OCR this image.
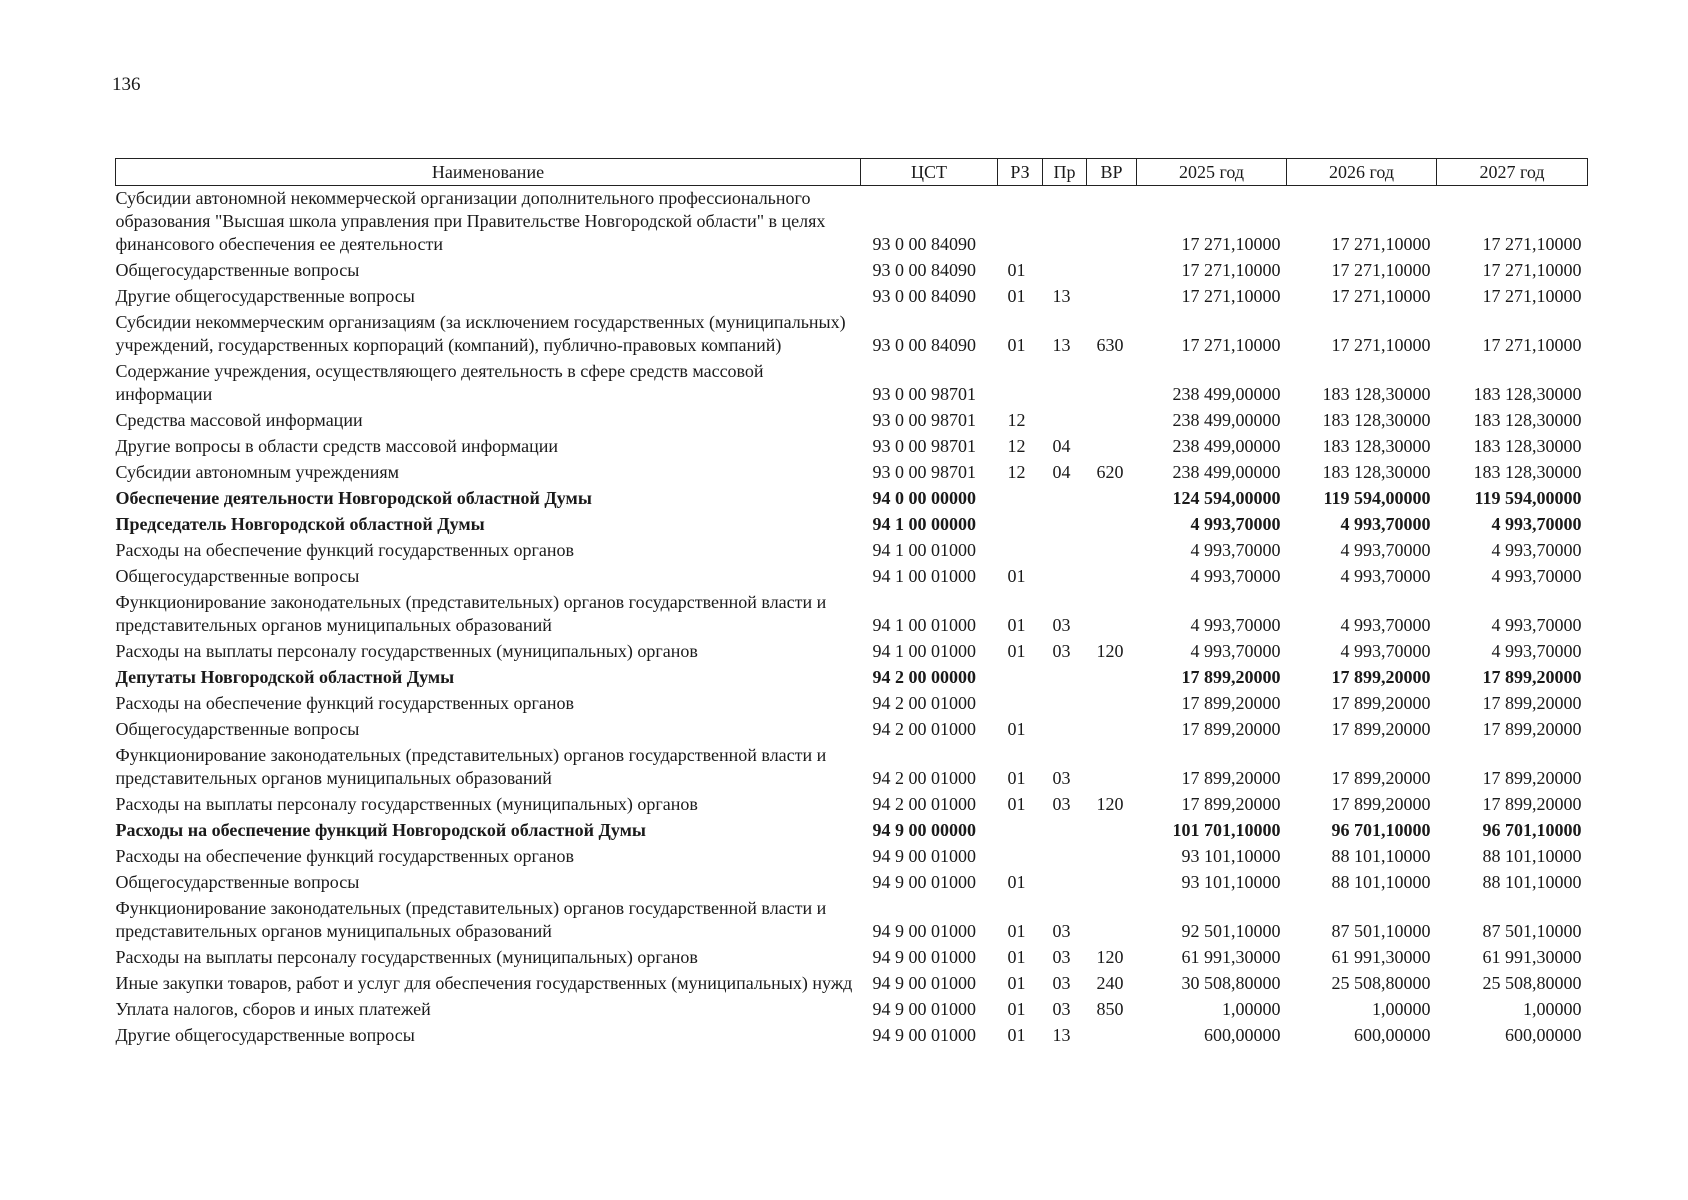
136
Наименование	ЦСТ	РЗ	Пр	ВР	2025 год	2026 год	2027 год
Субсидии автономной некоммерческой организации дополнительного профессионального образования "Высшая школа управления при Правительстве Новгородской области" в целях финансового обеспечения ее деятельности	93 0 00 84090				17 271,10000	17 271,10000	17 271,10000
Общегосударственные вопросы	93 0 00 84090	01			17 271,10000	17 271,10000	17 271,10000
Другие общегосударственные вопросы	93 0 00 84090	01	13		17 271,10000	17 271,10000	17 271,10000
Субсидии некоммерческим организациям (за исключением государственных (муниципальных) учреждений, государственных корпораций (компаний), публично-правовых компаний)	93 0 00 84090	01	13	630	17 271,10000	17 271,10000	17 271,10000
Содержание учреждения, осуществляющего деятельность в сфере средств массовой информации	93 0 00 98701				238 499,00000	183 128,30000	183 128,30000
Средства массовой информации	93 0 00 98701	12			238 499,00000	183 128,30000	183 128,30000
Другие вопросы в области средств массовой информации	93 0 00 98701	12	04		238 499,00000	183 128,30000	183 128,30000
Субсидии автономным учреждениям	93 0 00 98701	12	04	620	238 499,00000	183 128,30000	183 128,30000
Обеспечение деятельности Новгородской областной Думы	94 0 00 00000				124 594,00000	119 594,00000	119 594,00000
Председатель Новгородской областной Думы	94 1 00 00000				4 993,70000	4 993,70000	4 993,70000
Расходы на обеспечение функций государственных органов	94 1 00 01000				4 993,70000	4 993,70000	4 993,70000
Общегосударственные вопросы	94 1 00 01000	01			4 993,70000	4 993,70000	4 993,70000
Функционирование законодательных (представительных) органов государственной власти и представительных органов муниципальных образований	94 1 00 01000	01	03		4 993,70000	4 993,70000	4 993,70000
Расходы на выплаты персоналу государственных (муниципальных) органов	94 1 00 01000	01	03	120	4 993,70000	4 993,70000	4 993,70000
Депутаты Новгородской областной Думы	94 2 00 00000				17 899,20000	17 899,20000	17 899,20000
Расходы на обеспечение функций государственных органов	94 2 00 01000				17 899,20000	17 899,20000	17 899,20000
Общегосударственные вопросы	94 2 00 01000	01			17 899,20000	17 899,20000	17 899,20000
Функционирование законодательных (представительных) органов государственной власти и представительных органов муниципальных образований	94 2 00 01000	01	03		17 899,20000	17 899,20000	17 899,20000
Расходы на выплаты персоналу государственных (муниципальных) органов	94 2 00 01000	01	03	120	17 899,20000	17 899,20000	17 899,20000
Расходы на обеспечение функций Новгородской областной Думы	94 9 00 00000				101 701,10000	96 701,10000	96 701,10000
Расходы на обеспечение функций государственных органов	94 9 00 01000				93 101,10000	88 101,10000	88 101,10000
Общегосударственные вопросы	94 9 00 01000	01			93 101,10000	88 101,10000	88 101,10000
Функционирование законодательных (представительных) органов государственной власти и представительных органов муниципальных образований	94 9 00 01000	01	03		92 501,10000	87 501,10000	87 501,10000
Расходы на выплаты персоналу государственных (муниципальных) органов	94 9 00 01000	01	03	120	61 991,30000	61 991,30000	61 991,30000
Иные закупки товаров, работ и услуг для обеспечения государственных (муниципальных) нужд	94 9 00 01000	01	03	240	30 508,80000	25 508,80000	25 508,80000
Уплата налогов, сборов и иных платежей	94 9 00 01000	01	03	850	1,00000	1,00000	1,00000
Другие общегосударственные вопросы	94 9 00 01000	01	13		600,00000	600,00000	600,00000
